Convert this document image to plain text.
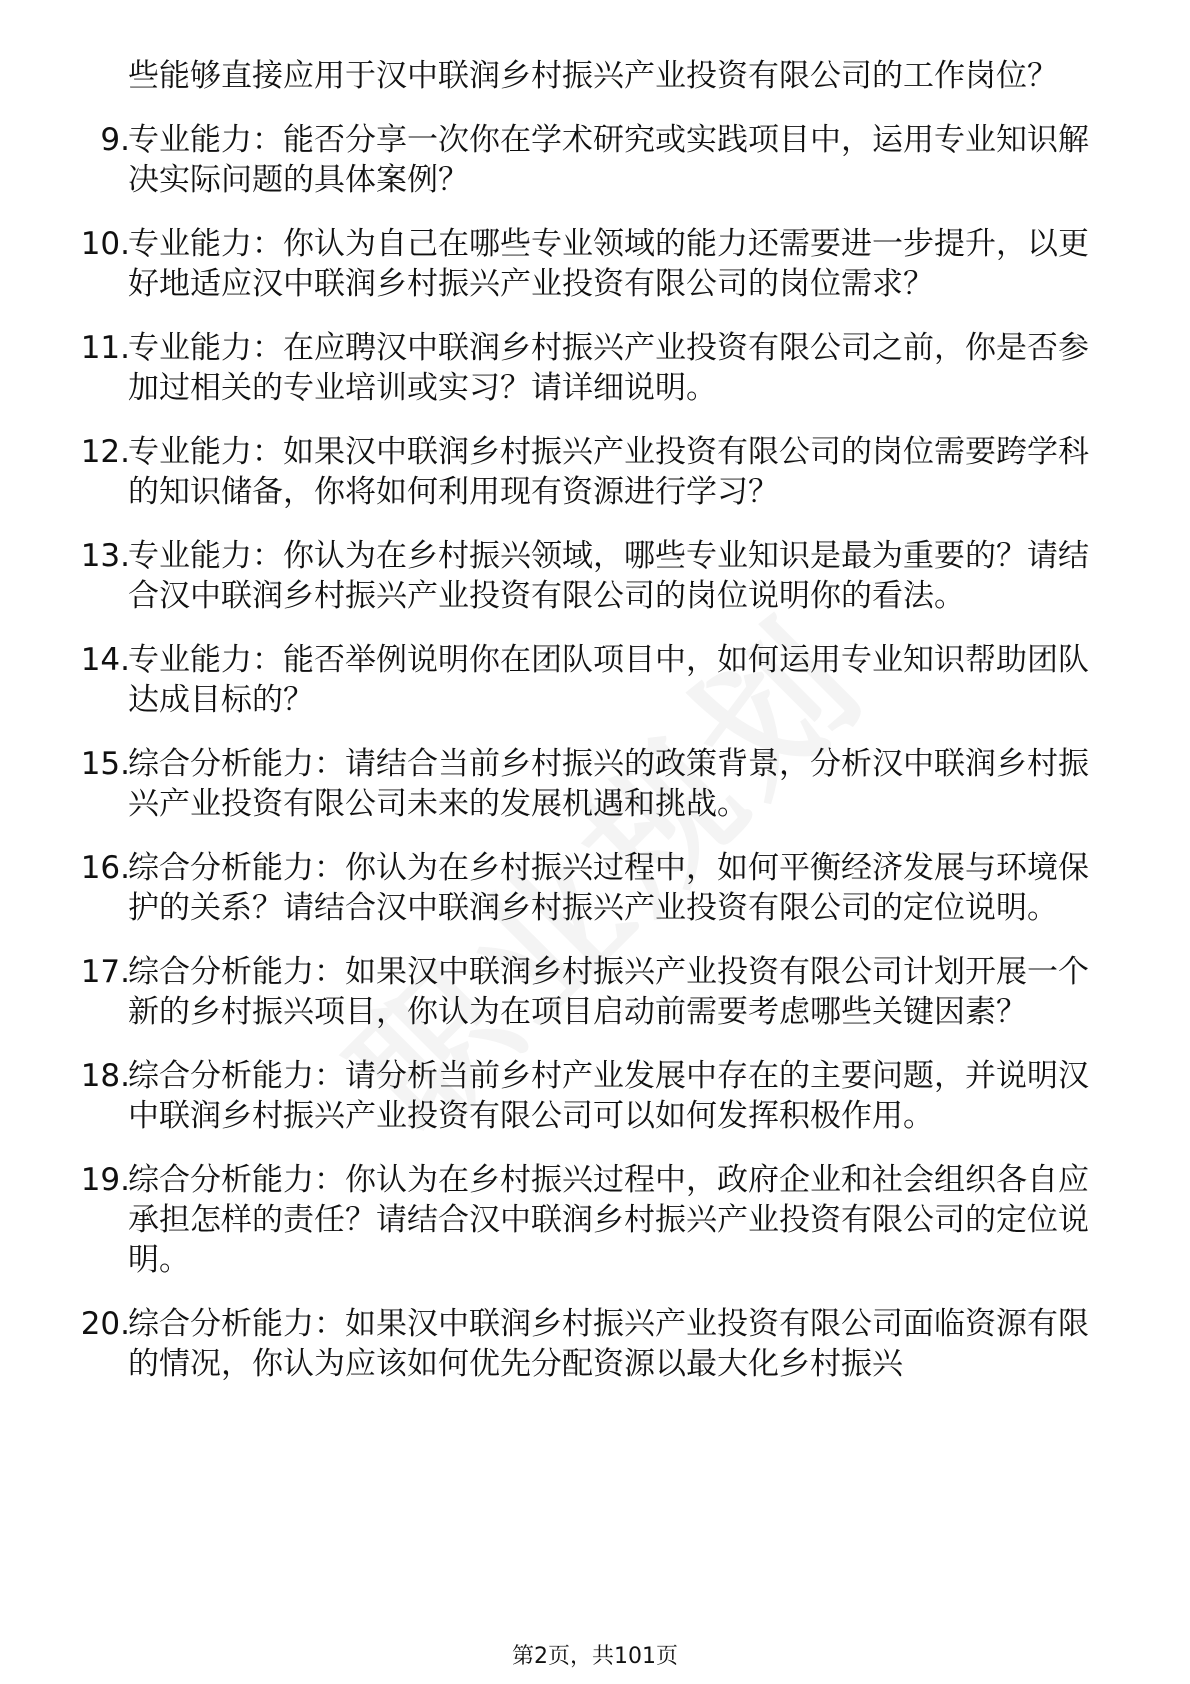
些能够直接应用于汉中联润乡村振兴产业投资有限公司的工作岗位？
9.
专业能力：能否分享一次你在学术研究或实践项目中，运用专业知识解决实际问题的具体案例？
10.
专业能力：你认为自己在哪些专业领域的能力还需要进一步提升，以更好地适应汉中联润乡村振兴产业投资有限公司的岗位需求？
11.
专业能力：在应聘汉中联润乡村振兴产业投资有限公司之前，你是否参加过相关的专业培训或实习？请详细说明。
12.
专业能力：如果汉中联润乡村振兴产业投资有限公司的岗位需要跨学科的知识储备，你将如何利用现有资源进行学习？
13.
专业能力：你认为在乡村振兴领域，哪些专业知识是最为重要的？请结合汉中联润乡村振兴产业投资有限公司的岗位说明你的看法。
14.
专业能力：能否举例说明你在团队项目中，如何运用专业知识帮助团队达成目标的？
15.
综合分析能力：请结合当前乡村振兴的政策背景，分析汉中联润乡村振兴产业投资有限公司未来的发展机遇和挑战。
16.
综合分析能力：你认为在乡村振兴过程中，如何平衡经济发展与环境保护的关系？请结合汉中联润乡村振兴产业投资有限公司的定位说明。
17.
综合分析能力：如果汉中联润乡村振兴产业投资有限公司计划开展一个新的乡村振兴项目，你认为在项目启动前需要考虑哪些关键因素？
18.
综合分析能力：请分析当前乡村产业发展中存在的主要问题，并说明汉中联润乡村振兴产业投资有限公司可以如何发挥积极作用。
19.
综合分析能力：你认为在乡村振兴过程中，政府企业和社会组织各自应承担怎样的责任？请结合汉中联润乡村振兴产业投资有限公司的定位说明。
20.
综合分析能力：如果汉中联润乡村振兴产业投资有限公司面临资源有限的情况，你认为应该如何优先分配资源以最大化乡村振兴
第2页，共101页
